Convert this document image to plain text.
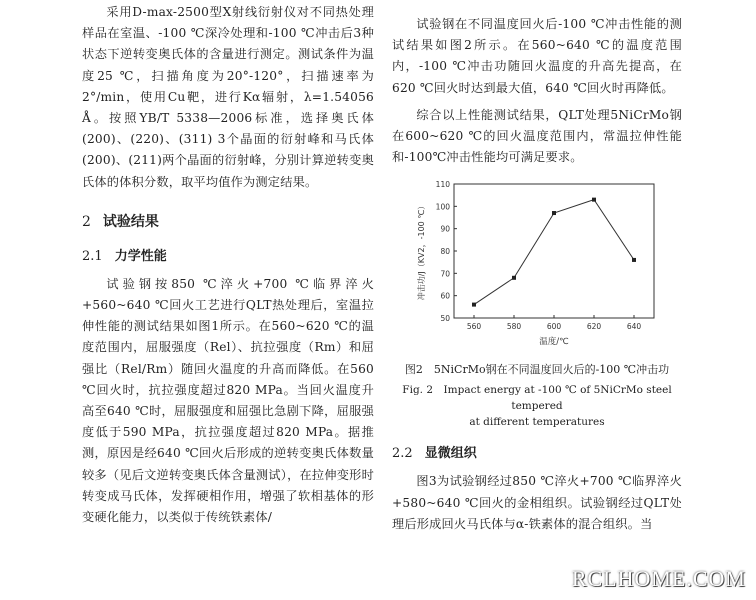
采用D-max-2500型X射线衍射仪对不同热处理样品在室温、-100 ℃深冷处理和-100 ℃冲击后3种状态下逆转变奥氏体的含量进行测定。测试条件为温度25 ℃，扫描角度为20°-120°，扫描速率为2°/min，使用Cu靶，进行Kα辐射，λ=1.54056 Å。按照YB/T 5338—2006标准，选择奥氏体(200)、(220)、(311) 3个晶面的衍射峰和马氏体(200)、(211)两个晶面的衍射峰，分别计算逆转变奥氏体的体积分数，取平均值作为测定结果。

2 试验结果
2.1 力学性能

试验钢按850 ℃淬火+700 ℃临界淬火+560~640 ℃回火工艺进行QLT热处理后，室温拉伸性能的测试结果如图1所示。在560~620 ℃的温度范围内，屈服强度（Rel）、抗拉强度（Rm）和屈强比（Rel/Rm）随回火温度的升高而降低。在560 ℃回火时，抗拉强度超过820 MPa。当回火温度升高至640 ℃时，屈服强度和屈强比急剧下降，屈服强度低于590 MPa，抗拉强度超过820 MPa。据推测，原因是经640 ℃回火后形成的逆转变奥氏体数量较多（见后文逆转变奥氏体含量测试），在拉伸变形时转变成马氏体，发挥硬相作用，增强了软相基体的形变硬化能力，以类似于传统铁素体/

试验钢在不同温度回火后-100 ℃冲击性能的测试结果如图2所示。在560~640 ℃的温度范围内，-100 ℃冲击功随回火温度的升高先提高，在620 ℃回火时达到最大值，640 ℃回火时再降低。

综合以上性能测试结果，QLT处理5NiCrMo钢在600~620 ℃的回火温度范围内，常温拉伸性能和-100℃冲击性能均可满足要求。

50
60
70
80
90
100
110
560	580	600	620	640
温度/℃
冲击功/J（KV2，-100 ℃）

图2　5NiCrMo钢在不同温度回火后的-100 ℃冲击功

Fig. 2　Impact energy at -100 ℃ of 5NiCrMo steel tempered

at different temperatures

2.2 显微组织

图3为试验钢经过850 ℃淬火+700 ℃临界淬火+580~640 ℃回火的金相组织。试验钢经过QLT处理后形成回火马氏体与α-铁素体的混合组织。当

RCLHOME.COM
